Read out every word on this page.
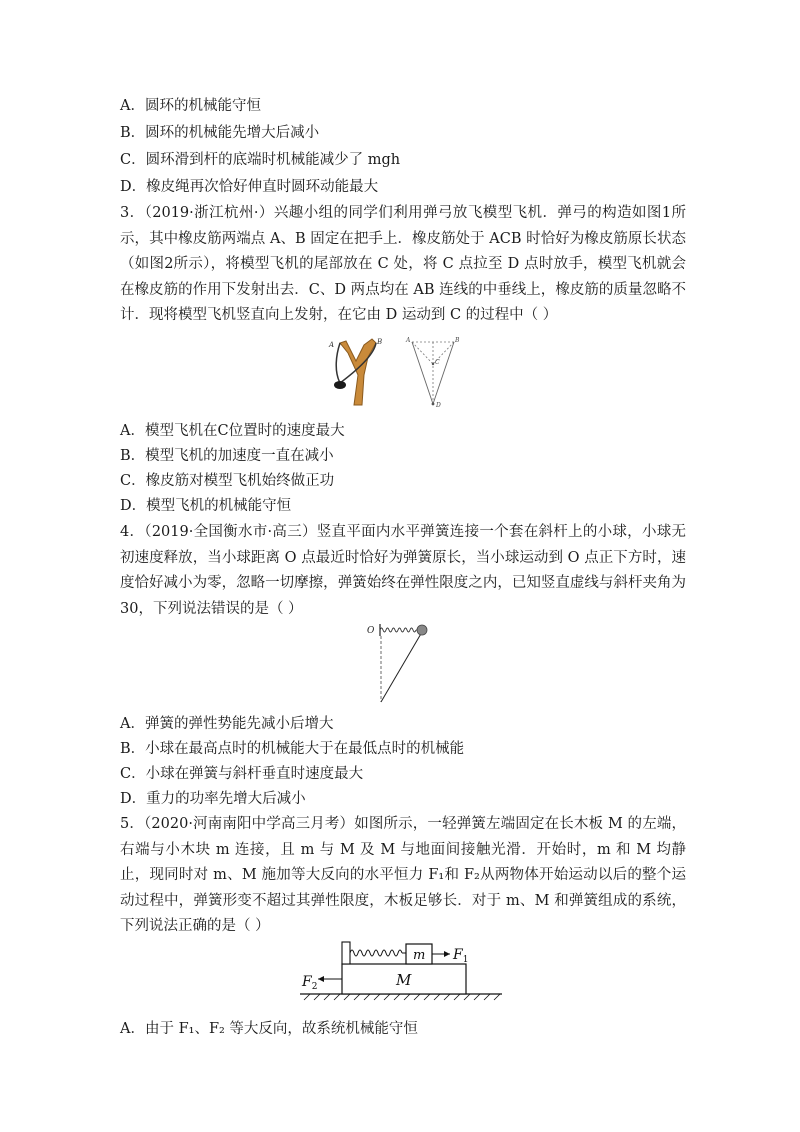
A．圆环的机械能守恒
B．圆环的机械能先增大后减小
C．圆环滑到杆的底端时机械能减少了 mgh
D．橡皮绳再次恰好伸直时圆环动能最大
3．（2019·浙江杭州·）兴趣小组的同学们利用弹弓放飞模型飞机．弹弓的构造如图1所示，其中橡皮筋两端点 A、B 固定在把手上．橡皮筋处于 ACB 时恰好为橡皮筋原长状态（如图2所示），将模型飞机的尾部放在 C 处，将 C 点拉至 D 点时放手，模型飞机就会在橡皮筋的作用下发射出去．C、D 两点均在 AB 连线的中垂线上，橡皮筋的质量忽略不计．现将模型飞机竖直向上发射，在它由 D 运动到 C 的过程中（ ）
A	B	A	B
C
D
A．模型飞机在C位置时的速度最大
B．模型飞机的加速度一直在减小
C．橡皮筋对模型飞机始终做正功
D．模型飞机的机械能守恒
4．（2019·全国衡水市·高三）竖直平面内水平弹簧连接一个套在斜杆上的小球，小球无初速度释放，当小球距离 O 点最近时恰好为弹簧原长，当小球运动到 O 点正下方时，速度恰好减小为零，忽略一切摩擦，弹簧始终在弹性限度之内，已知竖直虚线与斜杆夹角为30，下列说法错误的是（ ）
O
A．弹簧的弹性势能先减小后增大
B．小球在最高点时的机械能大于在最低点时的机械能
C．小球在弹簧与斜杆垂直时速度最大
D．重力的功率先增大后减小
5．（2020·河南南阳中学高三月考）如图所示，一轻弹簧左端固定在长木板 M 的左端，右端与小木块 m 连接，且 m 与 M 及 M 与地面间接触光滑．开始时，m 和 M 均静止，现同时对 m、M 施加等大反向的水平恒力 F₁和 F₂从两物体开始运动以后的整个运动过程中，弹簧形变不超过其弹性限度，木板足够长．对于 m、M 和弹簧组成的系统，下列说法正确的是（ ）
M
m $F_1$
$F_2$
A．由于 F₁、F₂ 等大反向，故系统机械能守恒
